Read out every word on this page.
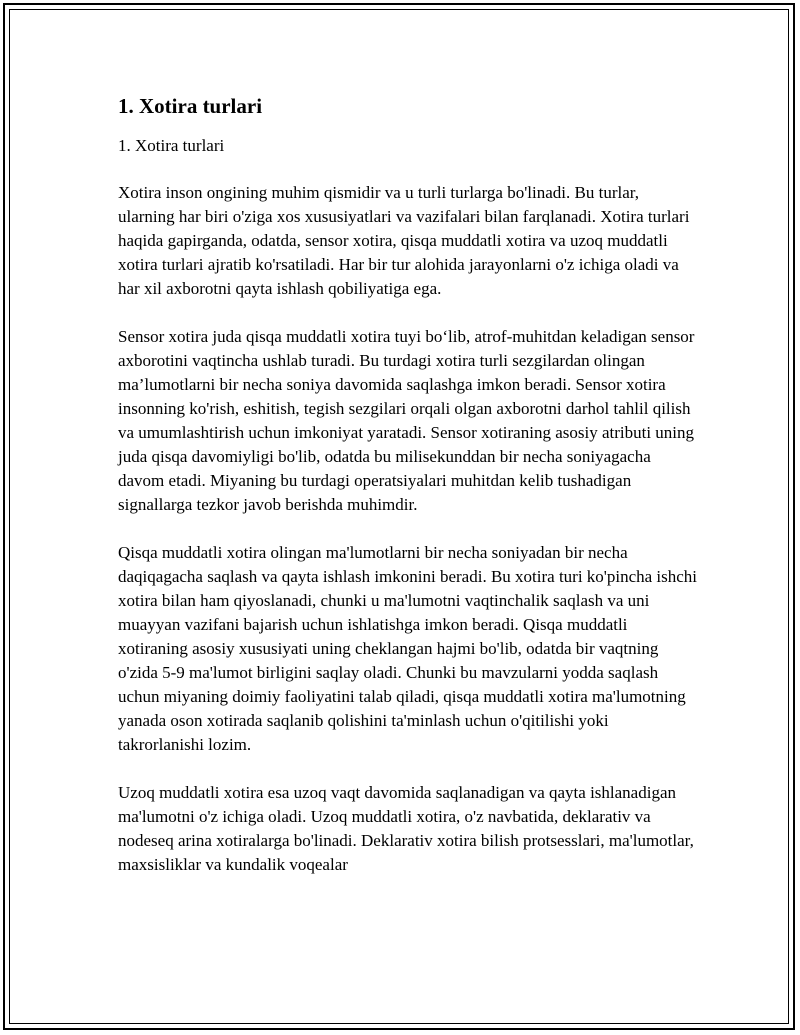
1. Xotira turlari
1. Xotira turlari

Xotira inson ongining muhim qismidir va u turli turlarga bo'linadi. Bu turlar, ularning har biri o'ziga xos xususiyatlari va vazifalari bilan farqlanadi. Xotira turlari haqida gapirganda, odatda, sensor xotira, qisqa muddatli xotira va uzoq muddatli xotira turlari ajratib ko'rsatiladi. Har bir tur alohida jarayonlarni o'z ichiga oladi va har xil axborotni qayta ishlash qobiliyatiga ega.

Sensor xotira juda qisqa muddatli xotira tuyi bo‘lib, atrof-muhitdan keladigan sensor axborotini vaqtincha ushlab turadi. Bu turdagi xotira turli sezgilardan olingan ma’lumotlarni bir necha soniya davomida saqlashga imkon beradi. Sensor xotira insonning ko'rish, eshitish, tegish sezgilari orqali olgan axborotni darhol tahlil qilish va umumlashtirish uchun imkoniyat yaratadi. Sensor xotiraning asosiy atributi uning juda qisqa davomiyligi bo'lib, odatda bu milisekunddan bir necha soniyagacha davom etadi. Miyaning bu turdagi operatsiyalari muhitdan kelib tushadigan signallarga tezkor javob berishda muhimdir.

Qisqa muddatli xotira olingan ma'lumotlarni bir necha soniyadan bir necha daqiqagacha saqlash va qayta ishlash imkonini beradi. Bu xotira turi ko'pincha ishchi xotira bilan ham qiyoslanadi, chunki u ma'lumotni vaqtinchalik saqlash va uni muayyan vazifani bajarish uchun ishlatishga imkon beradi. Qisqa muddatli xotiraning asosiy xususiyati uning cheklangan hajmi bo'lib, odatda bir vaqtning o'zida 5-9 ma'lumot birligini saqlay oladi. Chunki bu mavzularni yodda saqlash uchun miyaning doimiy faoliyatini talab qiladi, qisqa muddatli xotira ma'lumotning yanada oson xotirada saqlanib qolishini ta'minlash uchun o'qitilishi yoki takrorlanishi lozim.

Uzoq muddatli xotira esa uzoq vaqt davomida saqlanadigan va qayta ishlanadigan ma'lumotni o'z ichiga oladi. Uzoq muddatli xotira, o'z navbatida, deklarativ va nodeseq arina xotiralarga bo'linadi. Deklarativ xotira bilish protsesslari, ma'lumotlar, maxsisliklar va kundalik voqealar
